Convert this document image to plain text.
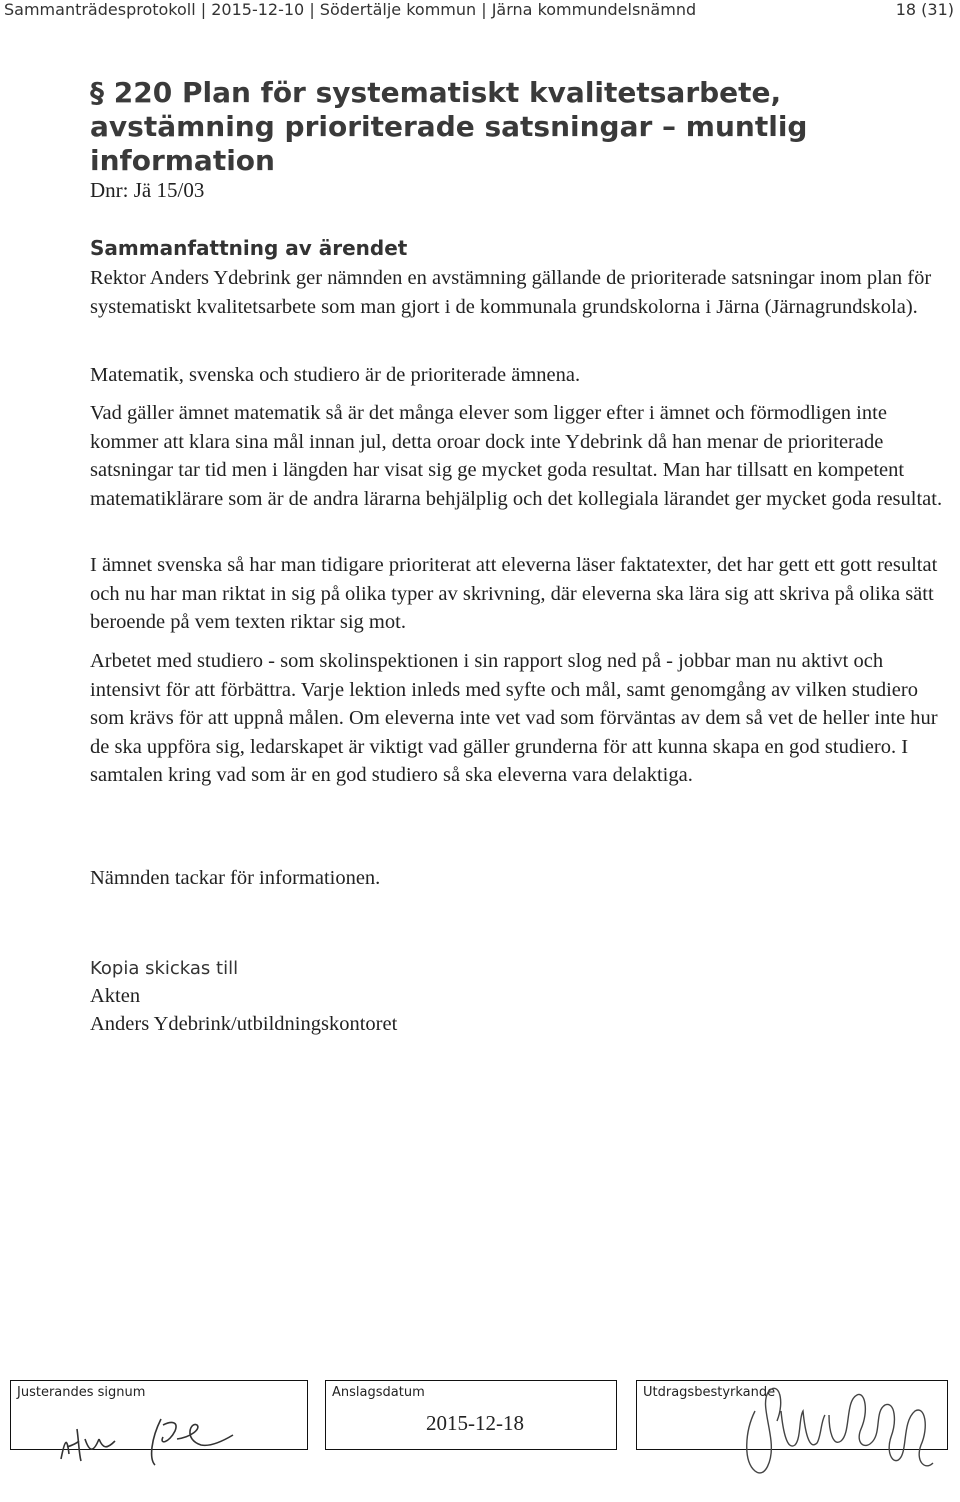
Sammanträdesprotokoll | 2015-12-10 | Södertälje kommun | Järna kommundelsnämnd	18 (31)
§ 220 Plan för systematiskt kvalitetsarbete, avstämning prioriterade satsningar – muntlig information
Dnr: Jä 15/03
Sammanfattning av ärendet

Rektor Anders Ydebrink ger nämnden en avstämning gällande de prioriterade satsningar inom plan för systematiskt kvalitetsarbete som man gjort i de kommunala grundskolorna i Järna (Järnagrundskola).

Matematik, svenska och studiero är de prioriterade ämnena.

Vad gäller ämnet matematik så är det många elever som ligger efter i ämnet och förmodligen inte kommer att klara sina mål innan jul, detta oroar dock inte Ydebrink då han menar de prioriterade satsningar tar tid men i längden har visat sig ge mycket goda resultat. Man har tillsatt en kompetent matematiklärare som är de andra lärarna behjälplig och det kollegiala lärandet ger mycket goda resultat.

I ämnet svenska så har man tidigare prioriterat att eleverna läser faktatexter, det har gett ett gott resultat och nu har man riktat in sig på olika typer av skrivning, där eleverna ska lära sig att skriva på olika sätt beroende på vem texten riktar sig mot.

Arbetet med studiero - som skolinspektionen i sin rapport slog ned på - jobbar man nu aktivt och intensivt för att förbättra. Varje lektion inleds med syfte och mål, samt genomgång av vilken studiero som krävs för att uppnå målen. Om eleverna inte vet vad som förväntas av dem så vet de heller inte hur de ska uppföra sig, ledarskapet är viktigt vad gäller grunderna för att kunna skapa en god studiero. I samtalen kring vad som är en god studiero så ska eleverna vara delaktiga.

Nämnden tackar för informationen.

Kopia skickas till
Akten
Anders Ydebrink/utbildningskontoret
Justerandes signum	Anslagsdatum
2015-12-18
Utdragsbestyrkande
